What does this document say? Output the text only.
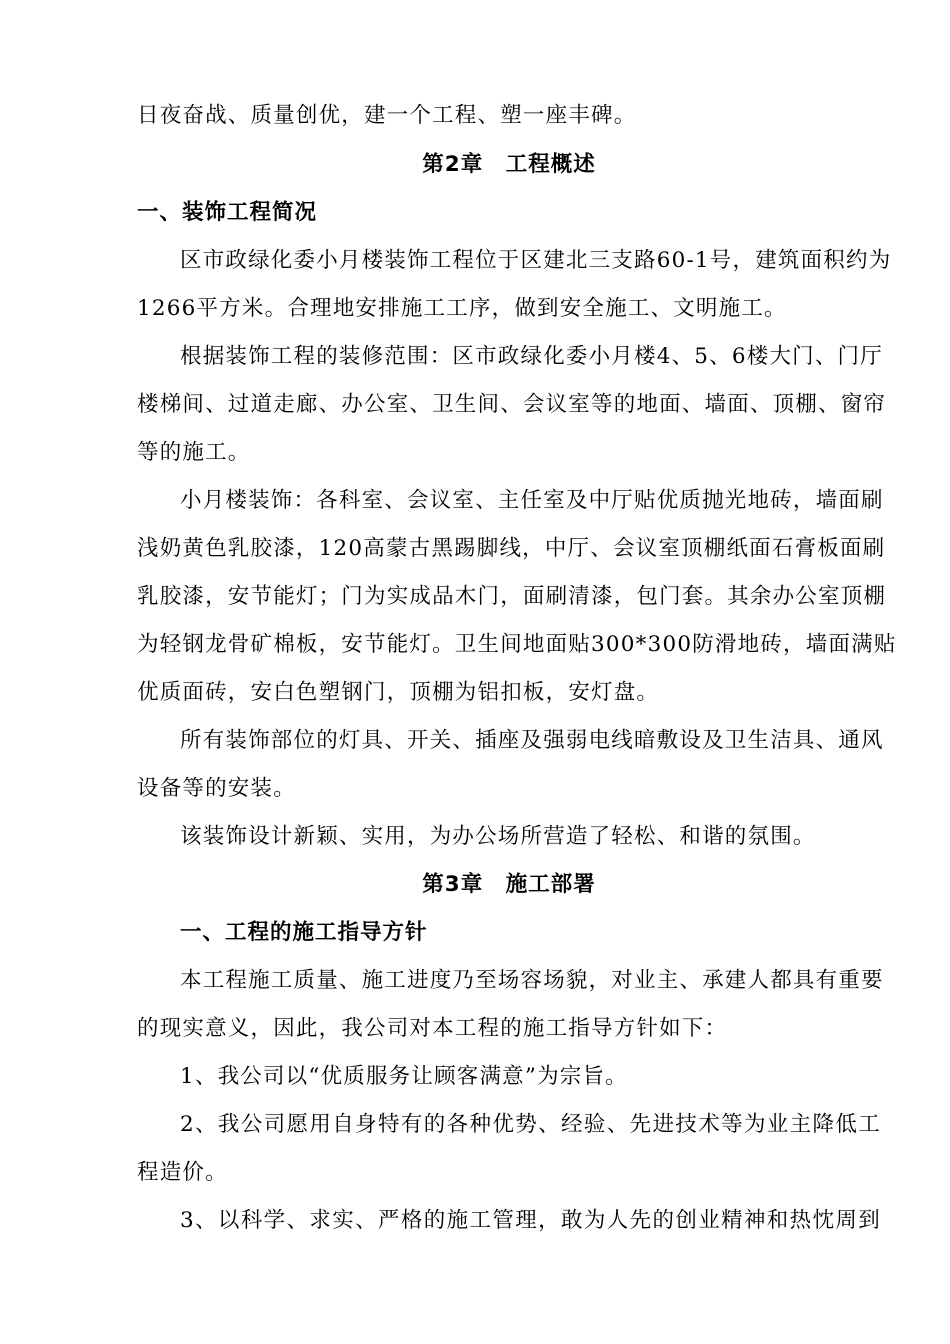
日夜奋战、质量创优，建一个工程、塑一座丰碑。
第2章　工程概述
一、装饰工程简况
区市政绿化委小月楼装饰工程位于区建北三支路60-1号，建筑面积约为
1266平方米。合理地安排施工工序，做到安全施工、文明施工。
根据装饰工程的装修范围：区市政绿化委小月楼4、5、6楼大门、门厅
楼梯间、过道走廊、办公室、卫生间、会议室等的地面、墙面、顶棚、窗帘
等的施工。
小月楼装饰：各科室、会议室、主任室及中厅贴优质抛光地砖，墙面刷
浅奶黄色乳胶漆，120高蒙古黑踢脚线，中厅、会议室顶棚纸面石膏板面刷
乳胶漆，安节能灯；门为实成品木门，面刷清漆，包门套。其余办公室顶棚
为轻钢龙骨矿棉板，安节能灯。卫生间地面贴300*300防滑地砖，墙面满贴
优质面砖，安白色塑钢门，顶棚为铝扣板，安灯盘。
所有装饰部位的灯具、开关、插座及强弱电线暗敷设及卫生洁具、通风
设备等的安装。
该装饰设计新颖、实用，为办公场所营造了轻松、和谐的氛围。
第3章　施工部署
一、工程的施工指导方针
本工程施工质量、施工进度乃至场容场貌，对业主、承建人都具有重要
的现实意义，因此，我公司对本工程的施工指导方针如下：
1、我公司以“优质服务让顾客满意”为宗旨。
2、我公司愿用自身特有的各种优势、经验、先进技术等为业主降低工
程造价。
3、以科学、求实、严格的施工管理，敢为人先的创业精神和热忱周到
